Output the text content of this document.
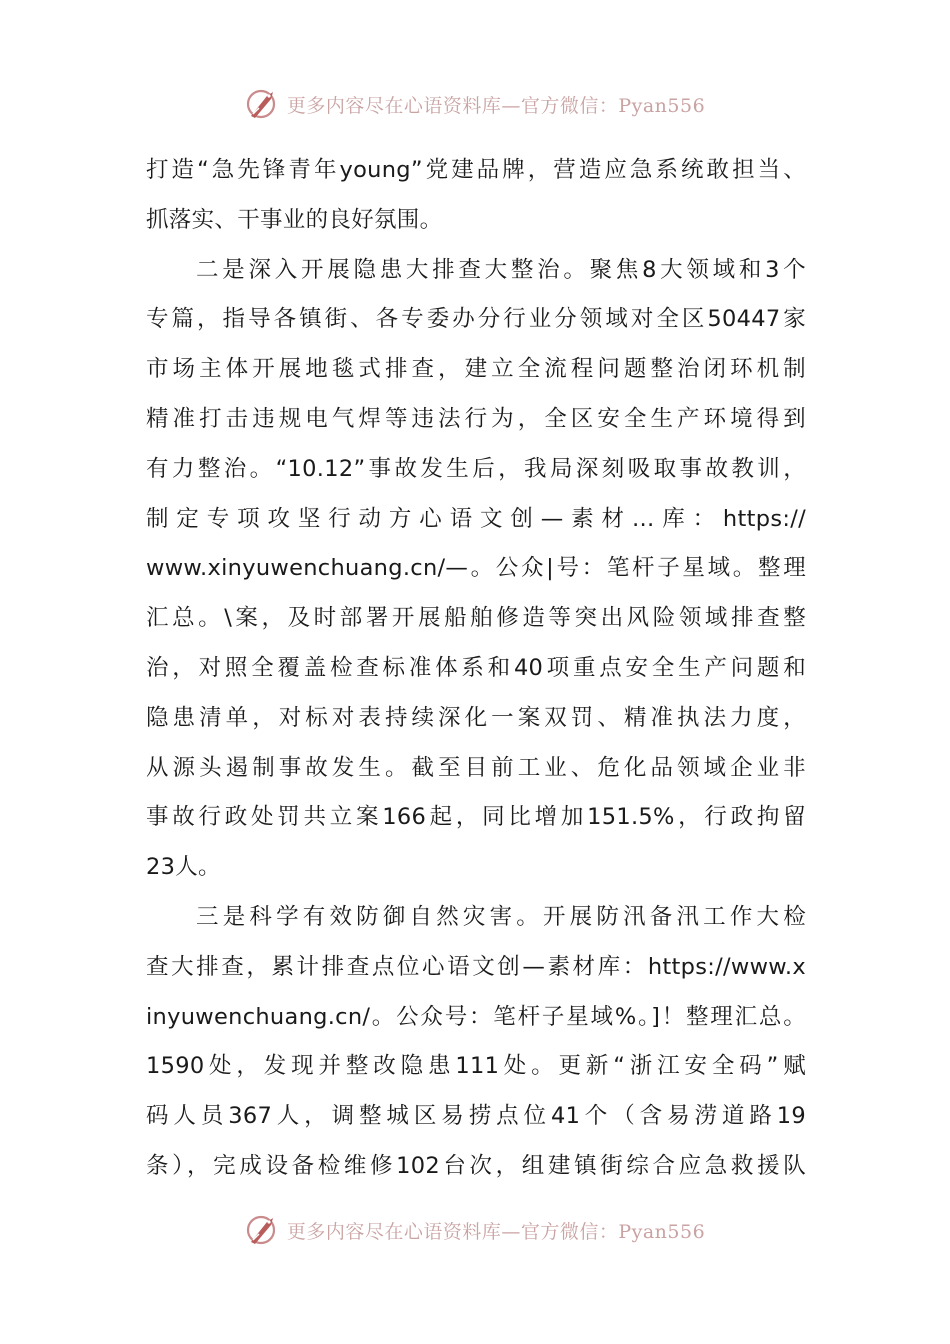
更多内容尽在心语资料库—官方微信：Pyan556
打造“急先锋青年young”党建品牌，营造应急系统敢担当、
抓落实、干事业的良好氛围。
二是深入开展隐患大排查大整治。聚焦8大领域和3个
专篇，指导各镇街、各专委办分行业分领域对全区50447家
市场主体开展地毯式排查，建立全流程问题整治闭环机制
精准打击违规电气焊等违法行为，全区安全生产环境得到
有力整治。“10.12”事故发生后，我局深刻吸取事故教训，
制定专项攻坚行动方心语文创—素材…库：https://
www.xinyuwenchuang.cn/—。公众|号：笔杆子星域。整理
汇总。\案，及时部署开展船舶修造等突出风险领域排查整
治，对照全覆盖检查标准体系和40项重点安全生产问题和
隐患清单，对标对表持续深化一案双罚、精准执法力度，
从源头遏制事故发生。截至目前工业、危化品领域企业非
事故行政处罚共立案166起，同比增加151.5%，行政拘留
23人。
三是科学有效防御自然灾害。开展防汛备汛工作大检
查大排查，累计排查点位心语文创—素材库：https://www.x
inyuwenchuang.cn/。公众号：笔杆子星域%。]！整理汇总。
1590处，发现并整改隐患111处。更新“浙江安全码”赋
码人员367人，调整城区易捞点位41个（含易涝道路19
条），完成设备检维修102台次，组建镇街综合应急救援队
更多内容尽在心语资料库—官方微信：Pyan556
